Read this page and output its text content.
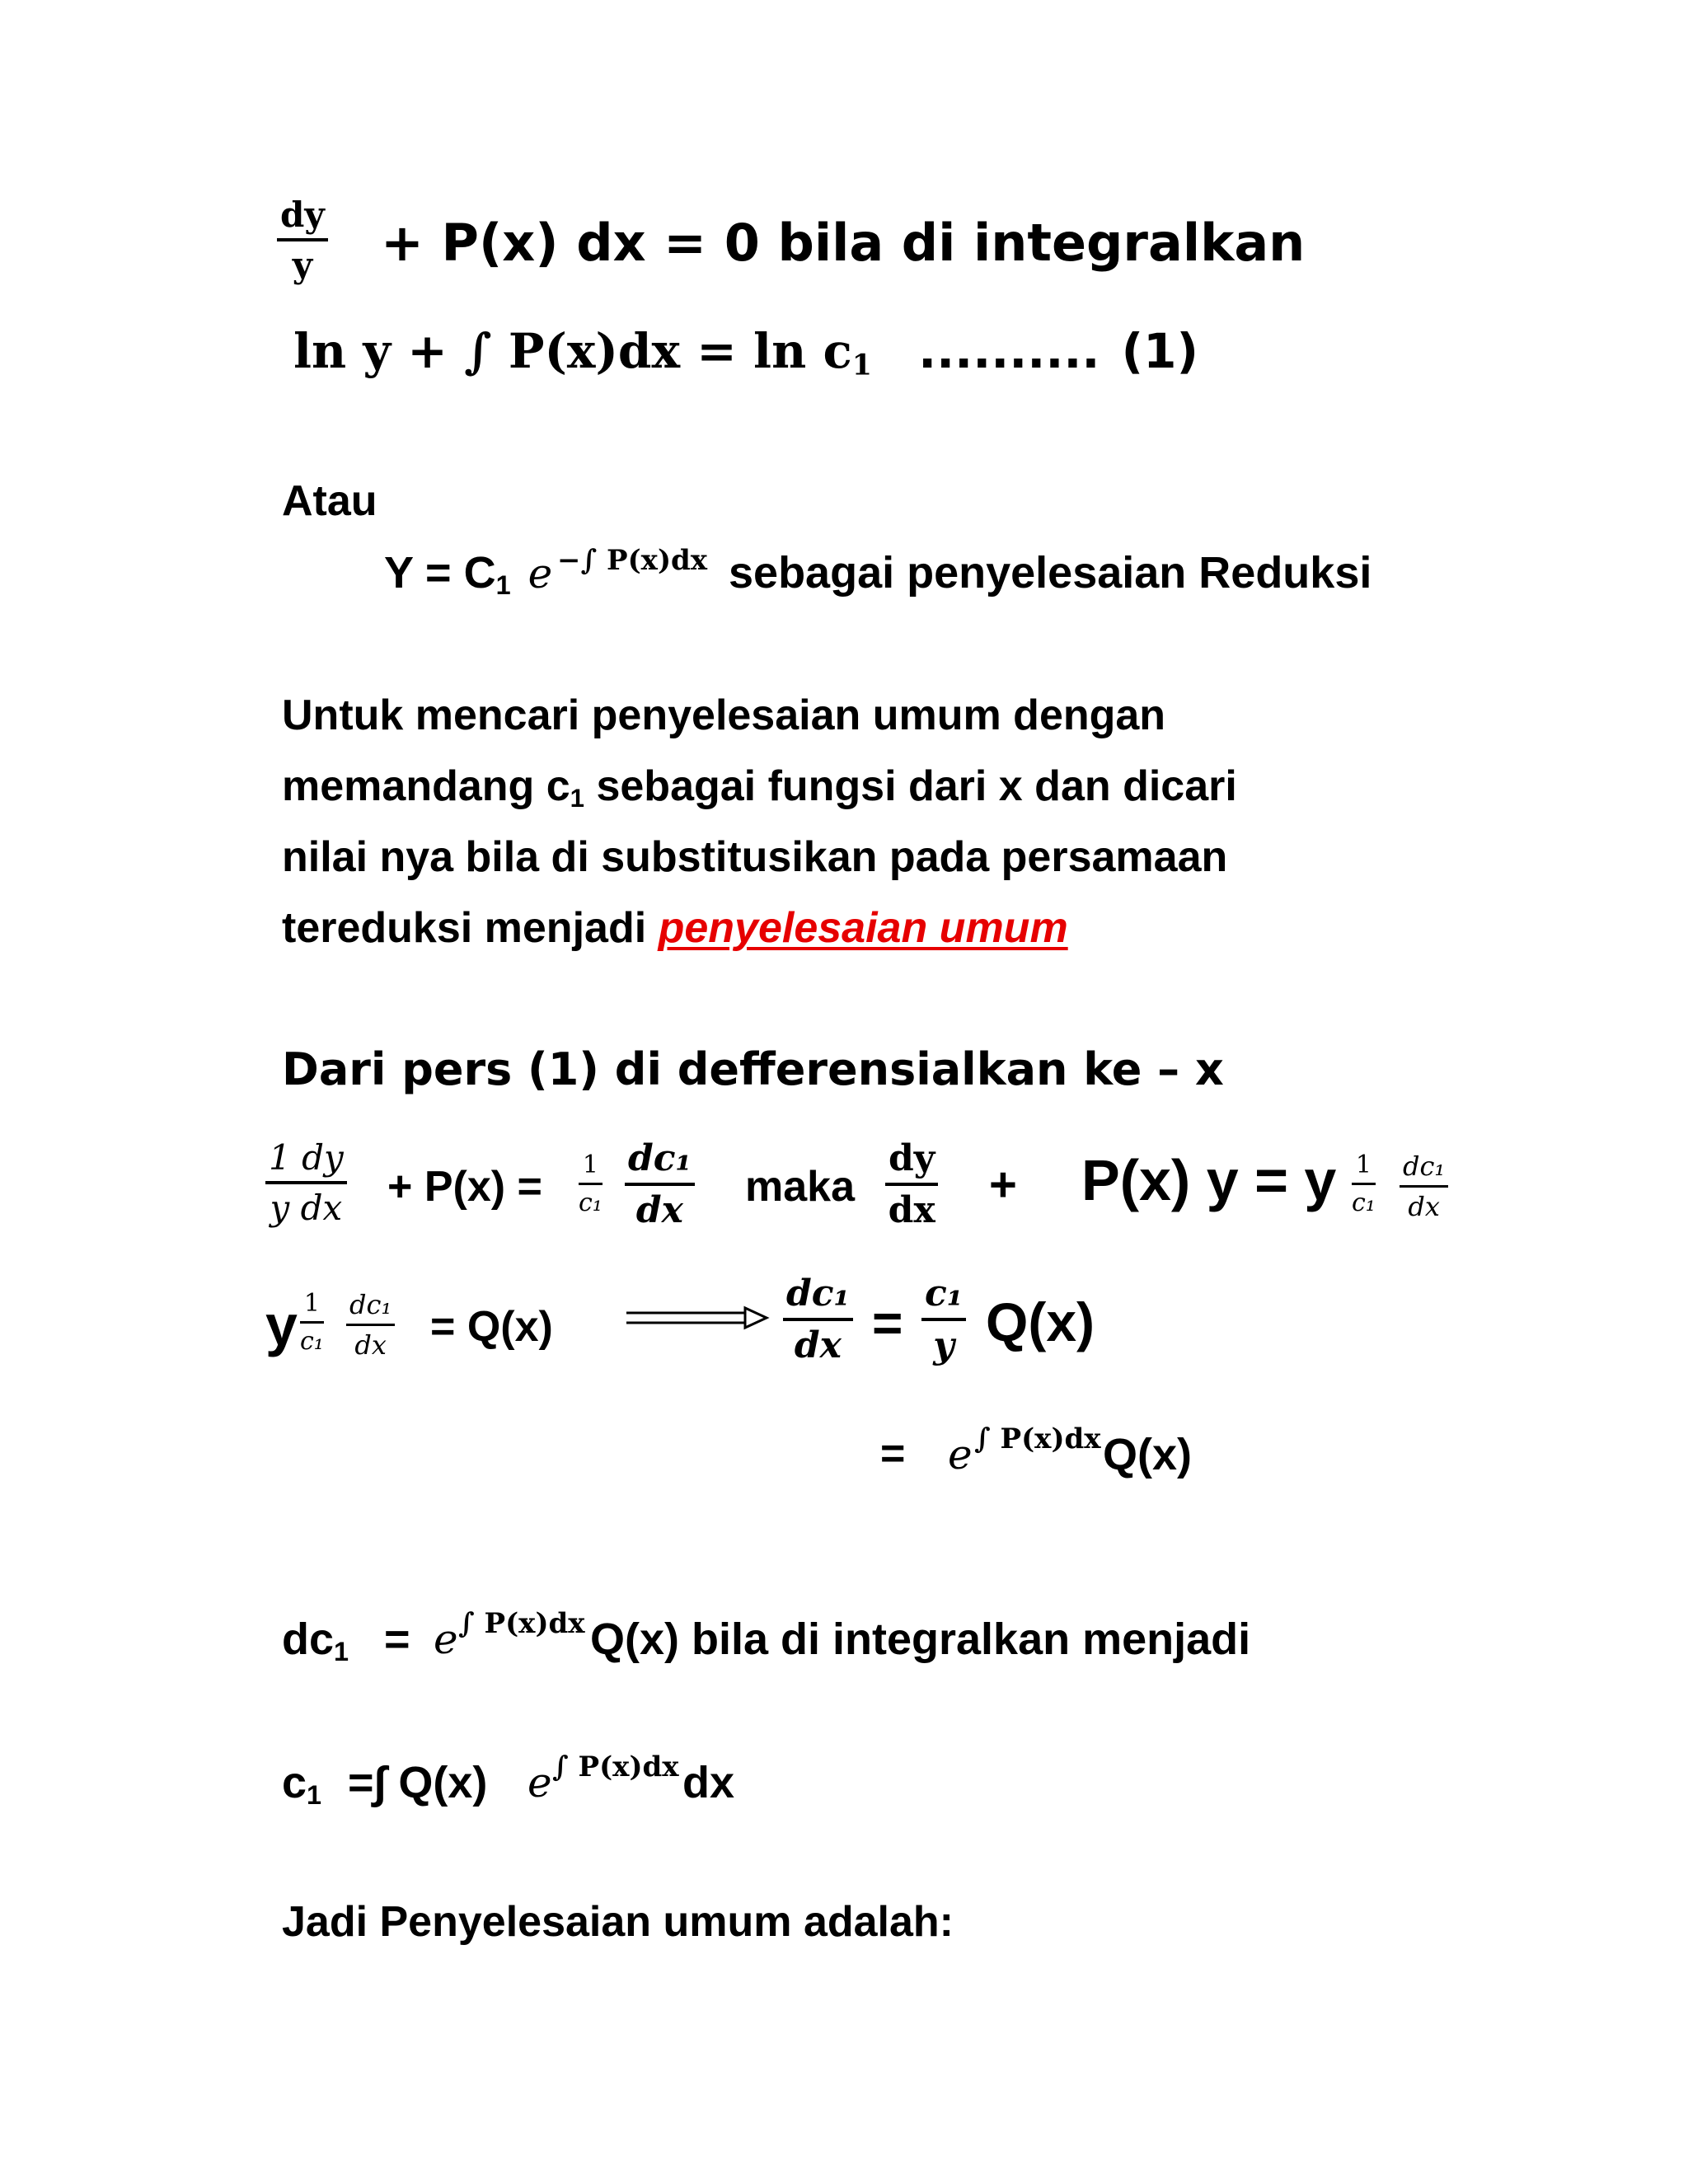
$\frac{dy}{y} + P(x)$ dx = 0 bila di integralkan
ln y + ∫ $P(x)dx = \ln c_1$ .......... (1)
Atau
$Y = C_1$ e −∫ P(x)dx sebagai penyelesaian Reduksi
Untuk mencari penyelesaian umum dengan
memandang $c_1$ sebagai fungsi dari x dan dicari
nilai nya bila di substitusikan pada persamaan
tereduksi menjadi penyelesaian umum
Dari pers (1) di defferensialkan ke – x
$\frac{1 dy}{\text{y dx}} + P(x) = \frac{1}{\text{c₁}} \frac{\text{dc₁}}{dx}$ maka $\frac{dy}{dx} + P(x) y = y \frac{1}{\text{c₁}} \frac{\text{dc₁}}{dx}$
y $\frac{1}{\text{c₁}} \frac{\text{dc₁}}{dx} = Q(x)$	$\frac{\text{dc₁}}{dx} = \frac{\text{c₁}}{y} Q(x)$
= e ∫ P(x)dx Q(x)
$dc_1 = e$ ∫ P(x)dx Q(x) bila di integralkan menjadi
$c_1$ =∫ Q(x) e ∫ P(x)dx dx
Jadi Penyelesaian umum adalah:
